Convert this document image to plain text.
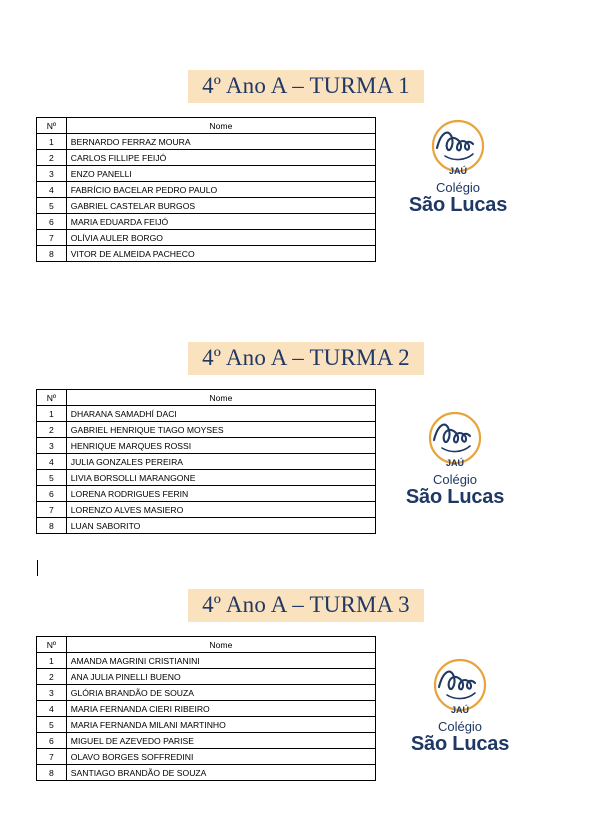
4º Ano A – TURMA 1
Nº	Nome
1	BERNARDO FERRAZ MOURA
2	CARLOS FILLIPE FEIJÓ
3	ENZO PANELLI
4	FABRÍCIO BACELAR PEDRO PAULO
5	GABRIEL CASTELAR BURGOS
6	MARIA EDUARDA FEIJÓ
7	OLÍVIA AULER BORGO
8	VITOR DE ALMEIDA PACHECO
JAÚ
Colégio
São Lucas
4º Ano A – TURMA 2
Nº	Nome
1	DHARANA SAMADHÍ DACI
2	GABRIEL HENRIQUE TIAGO MOYSES
3	HENRIQUE MARQUES ROSSI
4	JULIA GONZALES PEREIRA
5	LIVIA BORSOLLI MARANGONE
6	LORENA RODRIGUES FERIN
7	LORENZO ALVES MASIERO
8	LUAN SABORITO
JAÚ
Colégio
São Lucas
4º Ano A – TURMA 3
Nº	Nome
1	AMANDA MAGRINI CRISTIANINI
2	ANA JULIA PINELLI BUENO
3	GLÓRIA BRANDÃO DE SOUZA
4	MARIA FERNANDA CIERI RIBEIRO
5	MARIA FERNANDA MILANI MARTINHO
6	MIGUEL DE AZEVEDO PARISE
7	OLAVO BORGES SOFFREDINI
8	SANTIAGO BRANDÃO DE SOUZA
JAÚ
Colégio
São Lucas
